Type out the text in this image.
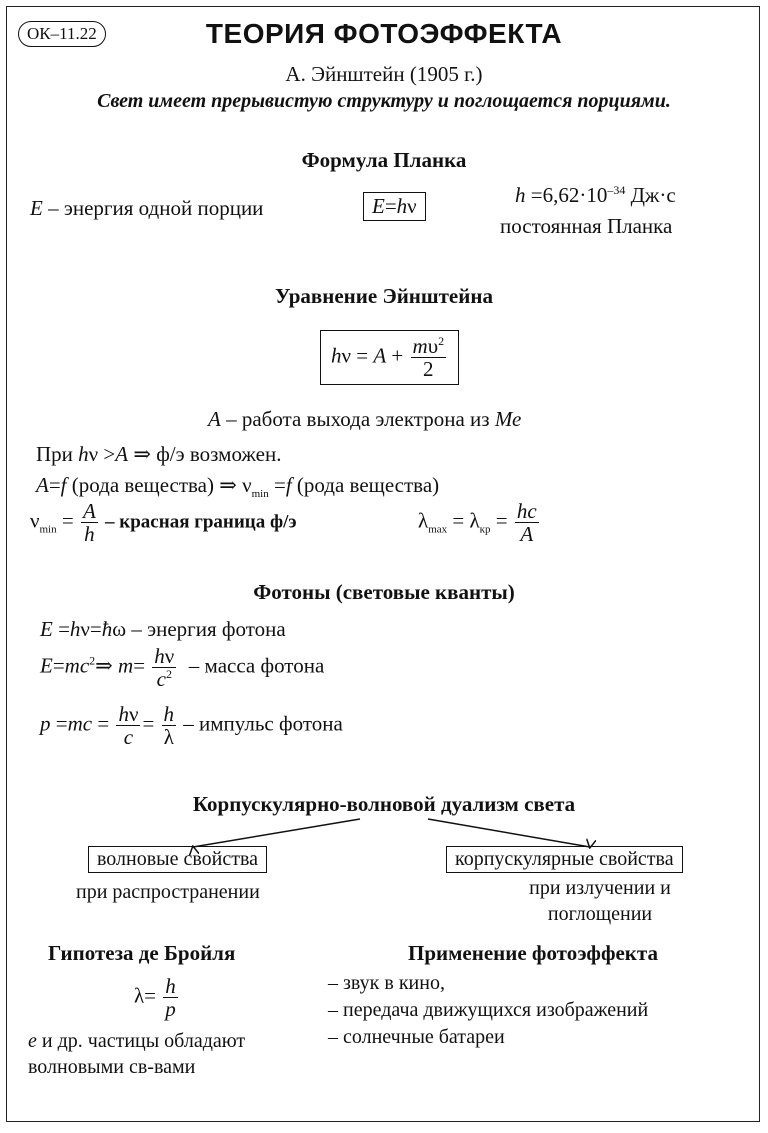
ОК–11.22	ТЕОРИЯ ФОТОЭФФЕКТА
А. Эйнштейн (1905 г.)
Свет имеет прерывистую структуру и поглощается порциями.
Формула Планка
E – энергия одной порции	E=hν	$h =6,62\cdot 10^{-34}$ Дж·с
постоянная Планка
Уравнение Эйнштейна
$h\nu = A + \frac{m\upsilon^2}{2}$
A – работа выхода электрона из Ме
При hν >A ⇒ ф/э возможен.
A=f (рода вещества) ⇒ $\nu_{min} =f$ (рода вещества)
$\nu_{min} = \frac{A}{h}$ – красная граница ф/э	$\lambda_{max} = \lambda_{кр} = \frac{hc}{A}$
Фотоны (световые кванты)
E =hν=ħω – энергия фотона
$E=mc^2\Rightarrow$ $m= \frac{h\nu}{c^2}$ – масса фотона
$p =mc = \frac{h\nu}{c} = \frac{h}{\lambda}$ – импульс фотона
Корпускулярно-волновой дуализм света
волновые свойства
при распространении
корпускулярные свойства
при излучении и
поглощении
Гипотеза де Бройля
$\lambda= \frac{h}{p}$
е и др. частицы обладают
волновыми св-вами
Применение фотоэффекта
– звук в кино,
– передача движущихся изображений
– солнечные батареи
